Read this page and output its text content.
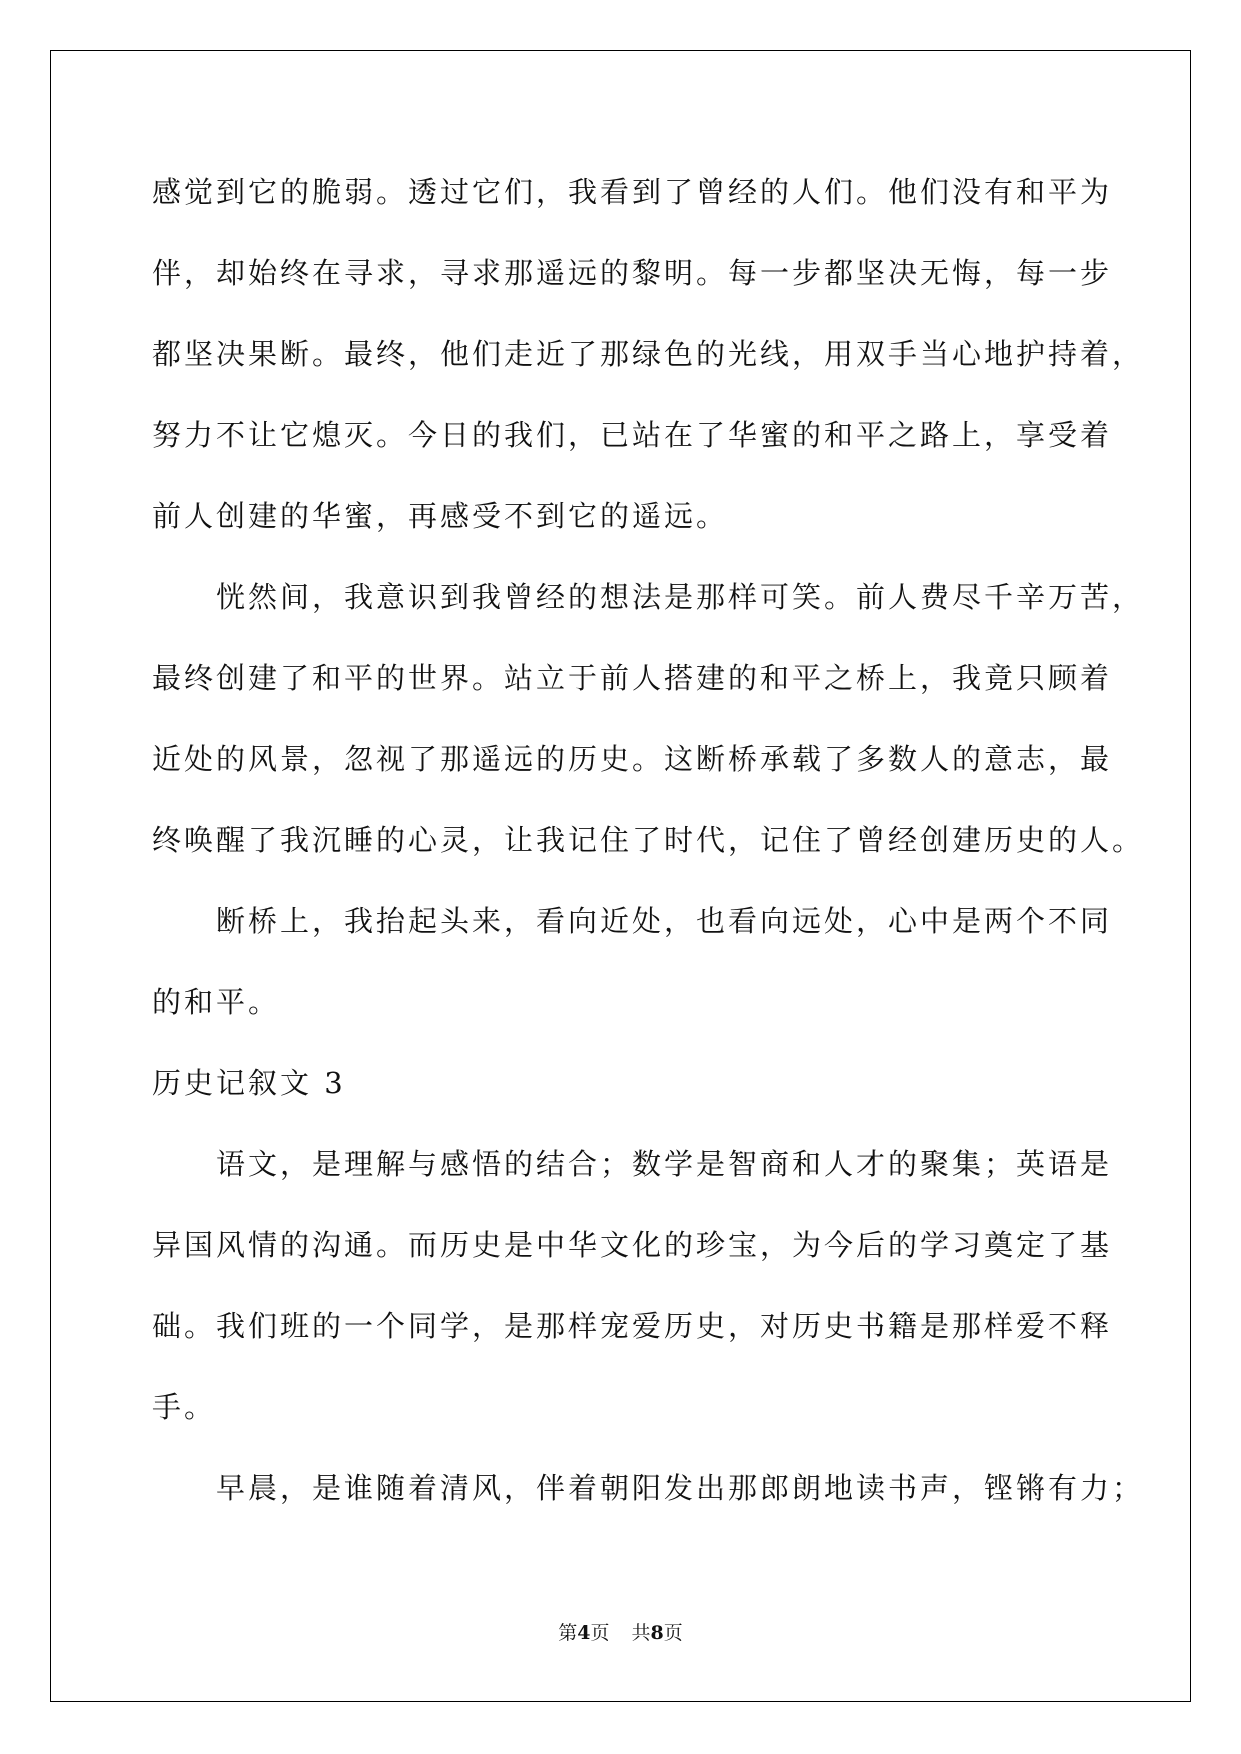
感觉到它的脆弱。透过它们，我看到了曾经的人们。他们没有和平为
伴，却始终在寻求，寻求那遥远的黎明。每一步都坚决无悔，每一步
都坚决果断。最终，他们走近了那绿色的光线，用双手当心地护持着，
努力不让它熄灭。今日的我们，已站在了华蜜的和平之路上，享受着
前人创建的华蜜，再感受不到它的遥远。
恍然间，我意识到我曾经的想法是那样可笑。前人费尽千辛万苦，
最终创建了和平的世界。站立于前人搭建的和平之桥上，我竟只顾着
近处的风景，忽视了那遥远的历史。这断桥承载了多数人的意志，最
终唤醒了我沉睡的心灵，让我记住了时代，记住了曾经创建历史的人。
断桥上，我抬起头来，看向近处，也看向远处，心中是两个不同
的和平。
历史记叙文 3
语文，是理解与感悟的结合；数学是智商和人才的聚集；英语是
异国风情的沟通。而历史是中华文化的珍宝，为今后的学习奠定了基
础。我们班的一个同学，是那样宠爱历史，对历史书籍是那样爱不释
手。
早晨，是谁随着清风，伴着朝阳发出那郎朗地读书声，铿锵有力；
第4页 共8页
